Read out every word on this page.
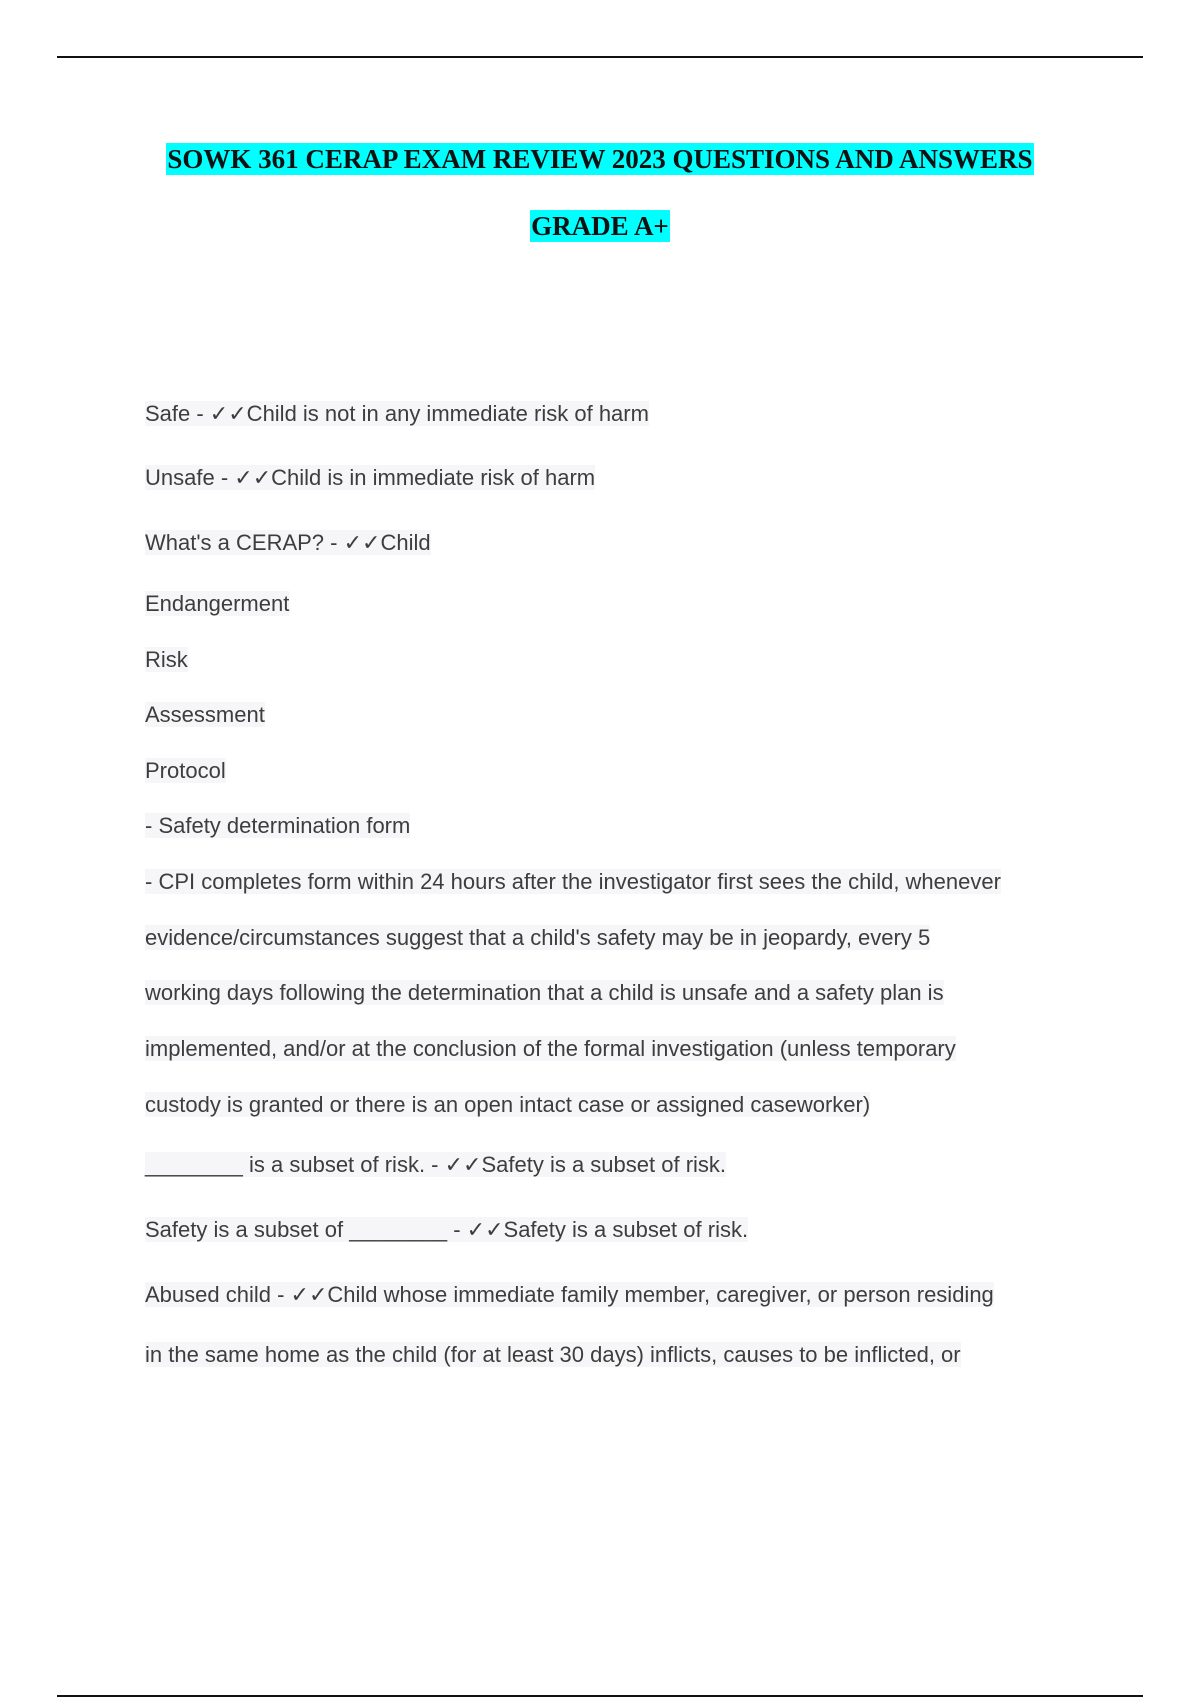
SOWK 361 CERAP EXAM REVIEW 2023 QUESTIONS AND ANSWERS
GRADE A+
Safe - ✓✓Child is not in any immediate risk of harm
Unsafe - ✓✓Child is in immediate risk of harm
What's a CERAP? - ✓✓Child
Endangerment
Risk
Assessment
Protocol
- Safety determination form
- CPI completes form within 24 hours after the investigator first sees the child, whenever
evidence/circumstances suggest that a child's safety may be in jeopardy, every 5
working days following the determination that a child is unsafe and a safety plan is
implemented, and/or at the conclusion of the formal investigation (unless temporary
custody is granted or there is an open intact case or assigned caseworker)
________ is a subset of risk. - ✓✓Safety is a subset of risk.
Safety is a subset of ________ - ✓✓Safety is a subset of risk.
Abused child - ✓✓Child whose immediate family member, caregiver, or person residing
in the same home as the child (for at least 30 days) inflicts, causes to be inflicted, or
